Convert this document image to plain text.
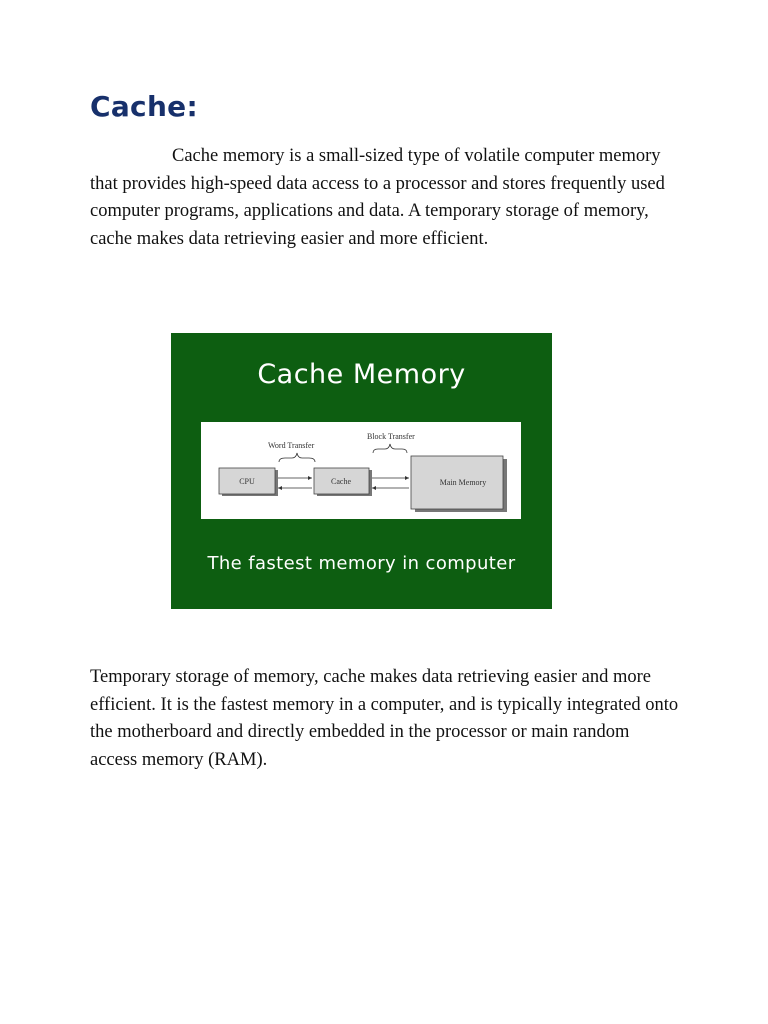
Cache:

Cache memory is a small-sized type of volatile computer memory that provides high-speed data access to a processor and stores frequently used computer programs, applications and data. A temporary storage of memory, cache makes data retrieving easier and more efficient.

Cache Memory
Word Transfer
Block Transfer
CPU	Cache	Main Memory
The fastest memory in computer

Temporary storage of memory, cache makes data retrieving easier and more efficient. It is the fastest memory in a computer, and is typically integrated onto the motherboard and directly embedded in the processor or main random access memory (RAM).
